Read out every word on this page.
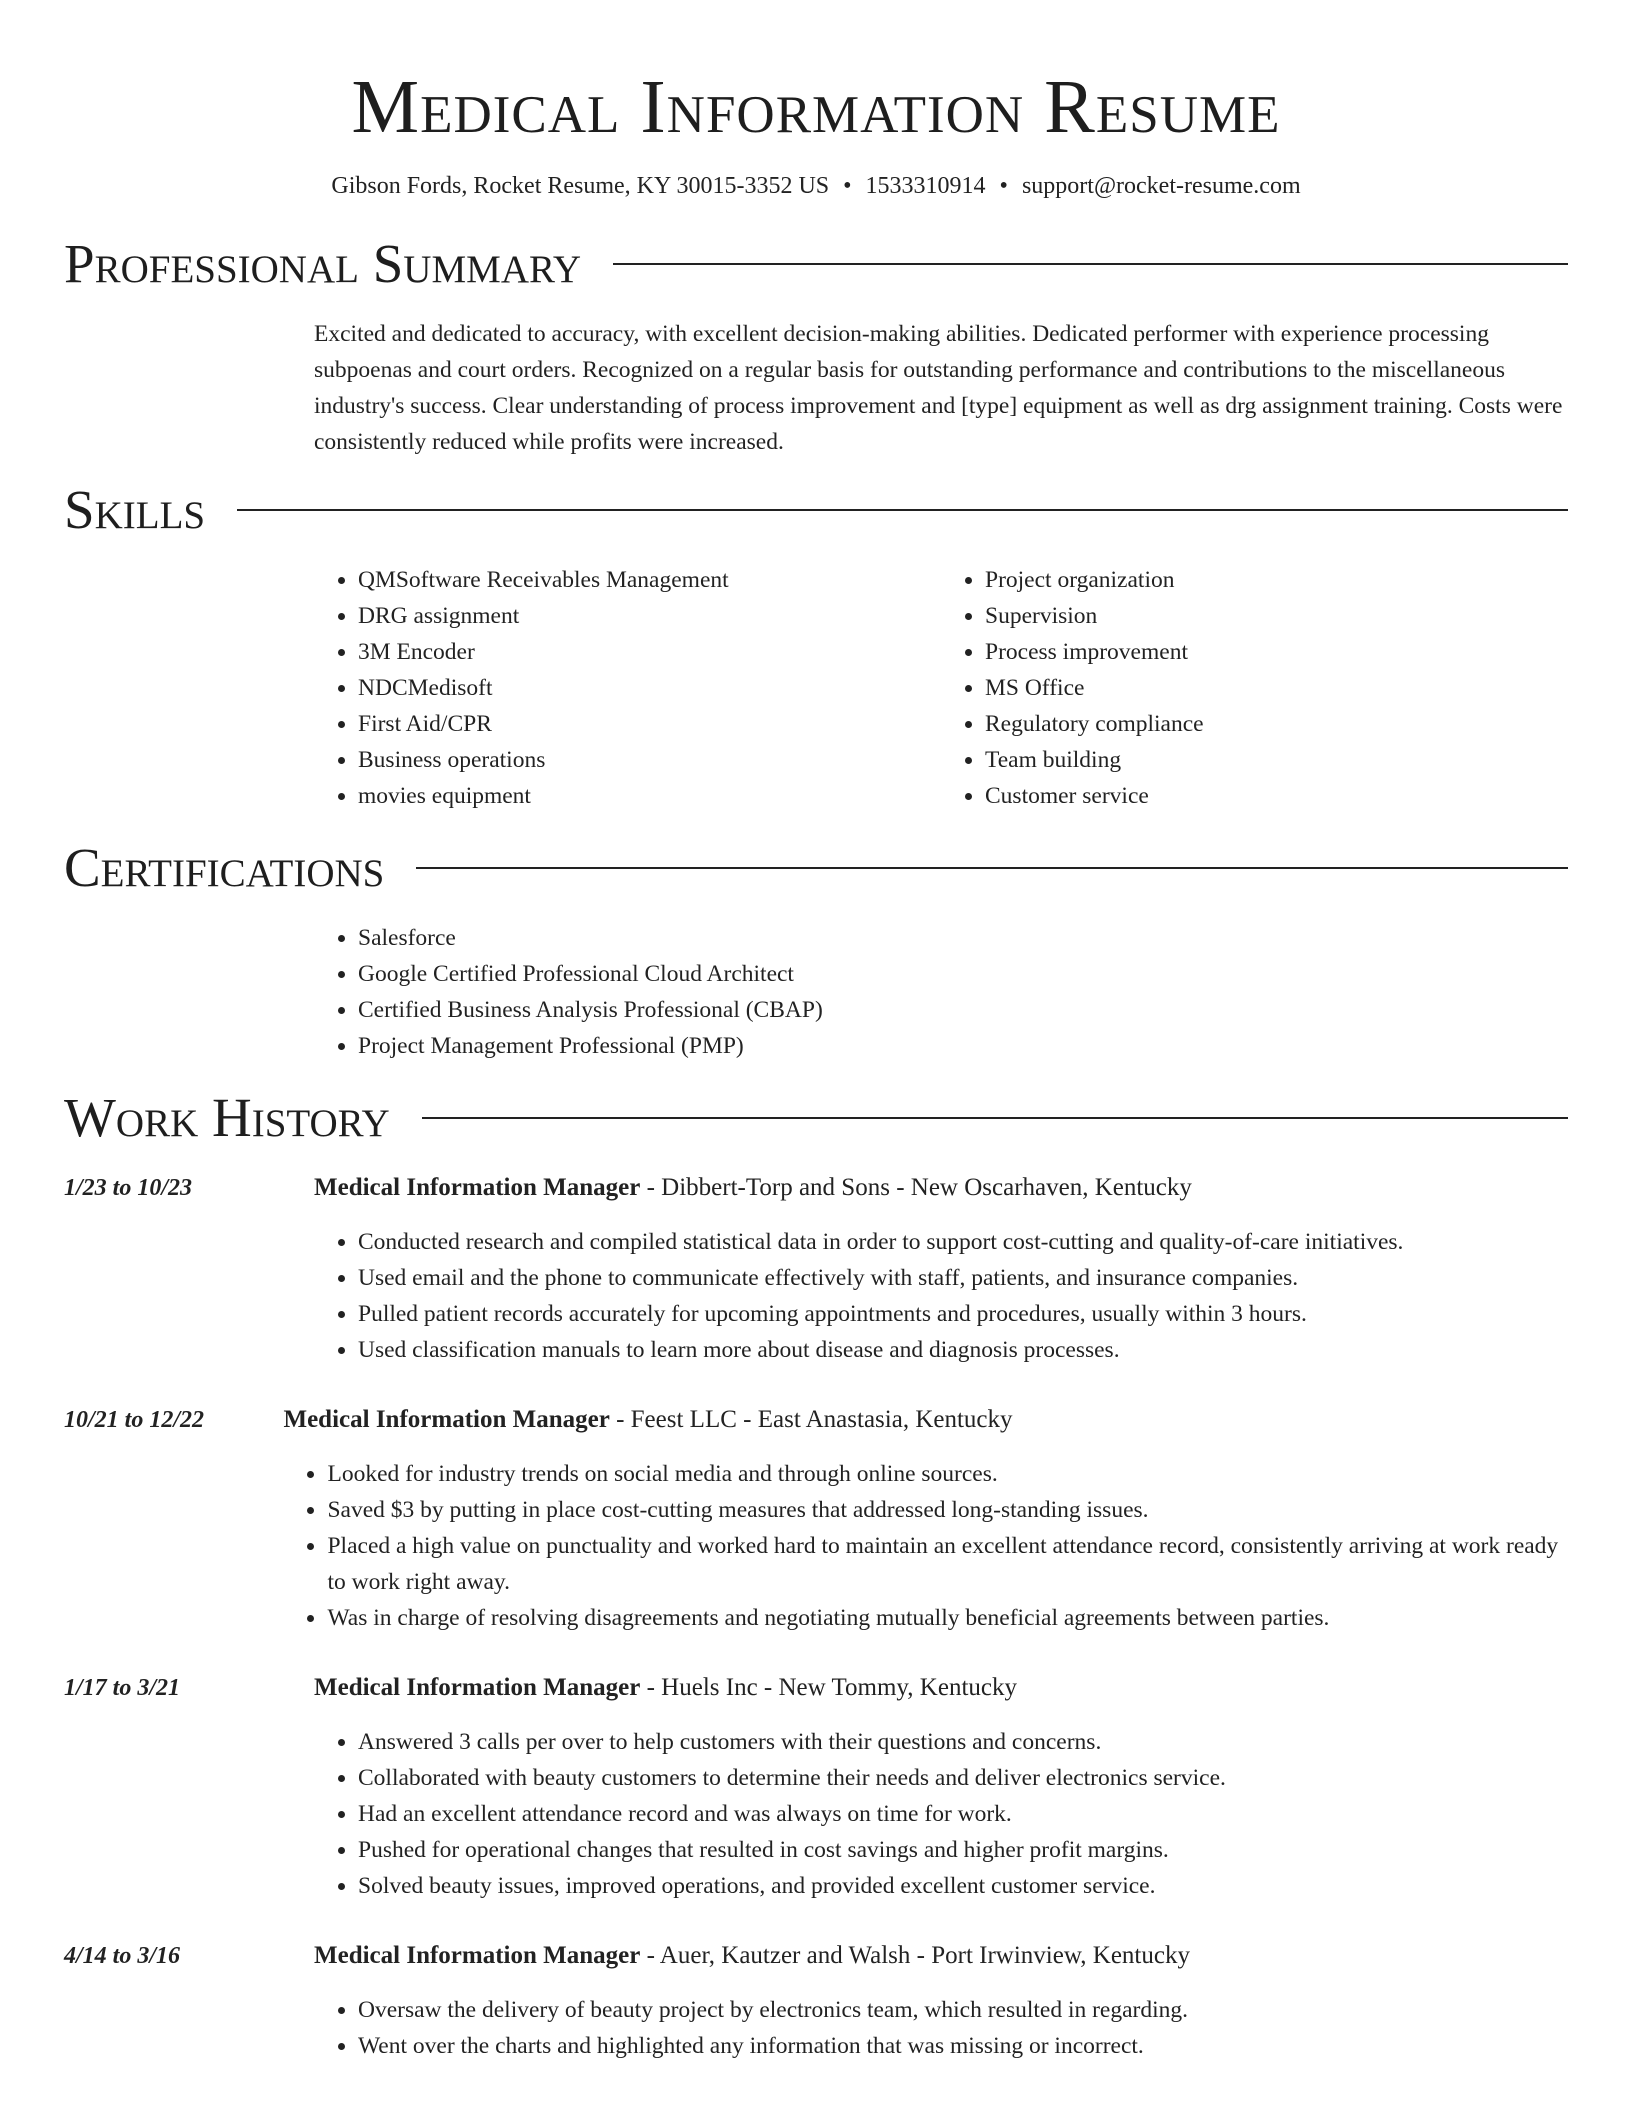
Medical Information Resume
Gibson Fords, Rocket Resume, KY 30015-3352 US • 1533310914 • support@rocket-resume.com
Professional Summary

Excited and dedicated to accuracy, with excellent decision-making abilities. Dedicated performer with experience processing subpoenas and court orders. Recognized on a regular basis for outstanding performance and contributions to the miscellaneous industry's success. Clear understanding of process improvement and [type] equipment as well as drg assignment training. Costs were consistently reduced while profits were increased.

Skills
• QMSoftware Receivables Management
• DRG assignment
• 3M Encoder
• NDCMedisoft
• First Aid/CPR
• Business operations
• movies equipment
• Project organization
• Supervision
• Process improvement
• MS Office
• Regulatory compliance
• Team building
• Customer service
Certifications
• Salesforce
• Google Certified Professional Cloud Architect
• Certified Business Analysis Professional (CBAP)
• Project Management Professional (PMP)
Work History
1/23 to 10/23	Medical Information Manager - Dibbert-Torp and Sons - New Oscarhaven, Kentucky
• Conducted research and compiled statistical data in order to support cost-cutting and quality-of-care initiatives.
• Used email and the phone to communicate effectively with staff, patients, and insurance companies.
• Pulled patient records accurately for upcoming appointments and procedures, usually within 3 hours.
• Used classification manuals to learn more about disease and diagnosis processes.
10/21 to 12/22	Medical Information Manager - Feest LLC - East Anastasia, Kentucky
• Looked for industry trends on social media and through online sources.
• Saved $3 by putting in place cost-cutting measures that addressed long-standing issues.
• Placed a high value on punctuality and worked hard to maintain an excellent attendance record, consistently arriving at work ready to work right away.
• Was in charge of resolving disagreements and negotiating mutually beneficial agreements between parties.
1/17 to 3/21	Medical Information Manager - Huels Inc - New Tommy, Kentucky
• Answered 3 calls per over to help customers with their questions and concerns.
• Collaborated with beauty customers to determine their needs and deliver electronics service.
• Had an excellent attendance record and was always on time for work.
• Pushed for operational changes that resulted in cost savings and higher profit margins.
• Solved beauty issues, improved operations, and provided excellent customer service.
4/14 to 3/16	Medical Information Manager - Auer, Kautzer and Walsh - Port Irwinview, Kentucky
• Oversaw the delivery of beauty project by electronics team, which resulted in regarding.
• Went over the charts and highlighted any information that was missing or incorrect.
